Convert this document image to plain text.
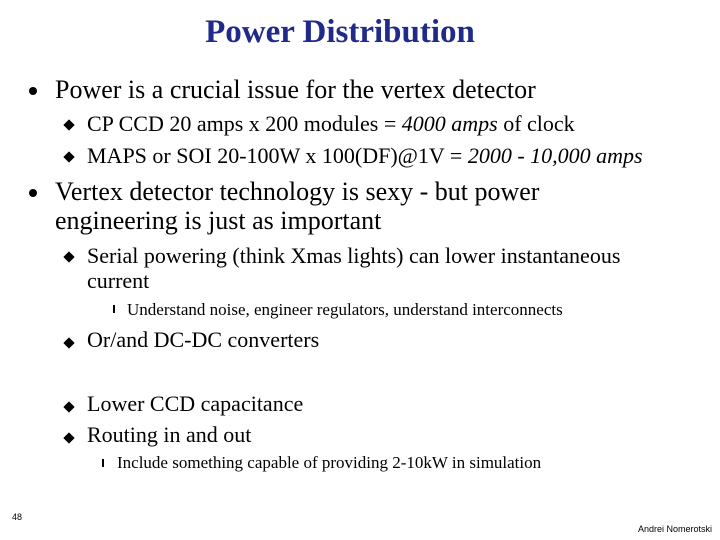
Power Distribution
Power is a crucial issue for the vertex detector
CP CCD 20 amps x 200 modules = 4000 amps of clock
MAPS or SOI 20-100W x 100(DF)@1V = 2000 - 10,000 amps
Vertex detector technology is sexy - but power
engineering is just as important
Serial powering (think Xmas lights) can lower instantaneous
current
Understand noise, engineer regulators, understand interconnects
Or/and DC-DC converters
Lower CCD capacitance
Routing in and out
Include something capable of providing 2-10kW in simulation
48
Andrei Nomerotski
